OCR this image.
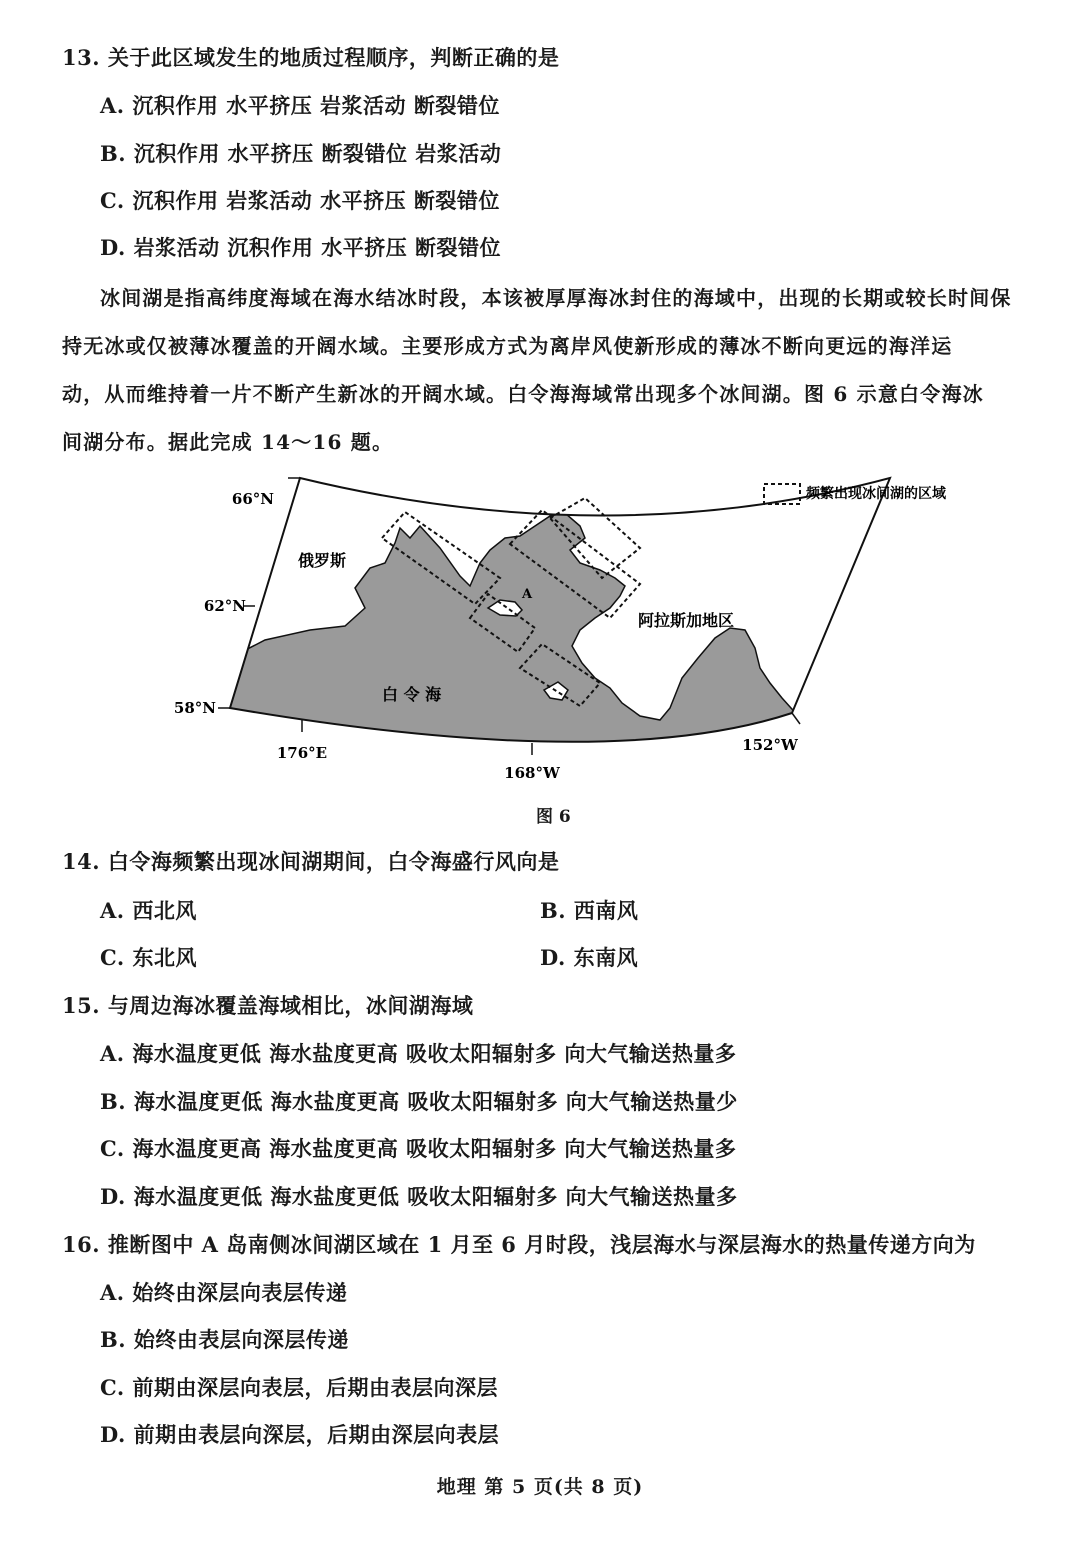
13. 关于此区域发生的地质过程顺序，判断正确的是
A. 沉积作用 水平挤压 岩浆活动 断裂错位
B. 沉积作用 水平挤压 断裂错位 岩浆活动
C. 沉积作用 岩浆活动 水平挤压 断裂错位
D. 岩浆活动 沉积作用 水平挤压 断裂错位
冰间湖是指高纬度海域在海水结冰时段，本该被厚厚海冰封住的海域中，出现的长期或较长时间保
持无冰或仅被薄冰覆盖的开阔水域。主要形成方式为离岸风使新形成的薄冰不断向更远的海洋运
动，从而维持着一片不断产生新冰的开阔水域。白令海海域常出现多个冰间湖。图 6 示意白令海冰
间湖分布。据此完成 14～16 题。
66°N
62°N
58°N
176°E
168°W
152°W
俄罗斯
阿拉斯加地区
白 令 海
A
频繁出现冰间湖的区域
图 6
14. 白令海频繁出现冰间湖期间，白令海盛行风向是
A. 西北风	B. 西南风
C. 东北风	D. 东南风
15. 与周边海冰覆盖海域相比，冰间湖海域
A. 海水温度更低 海水盐度更高 吸收太阳辐射多 向大气输送热量多
B. 海水温度更低 海水盐度更高 吸收太阳辐射多 向大气输送热量少
C. 海水温度更高 海水盐度更高 吸收太阳辐射多 向大气输送热量多
D. 海水温度更低 海水盐度更低 吸收太阳辐射多 向大气输送热量多
16. 推断图中 A 岛南侧冰间湖区域在 1 月至 6 月时段，浅层海水与深层海水的热量传递方向为
A. 始终由深层向表层传递
B. 始终由表层向深层传递
C. 前期由深层向表层，后期由表层向深层
D. 前期由表层向深层，后期由深层向表层
地理 第 5 页(共 8 页)
